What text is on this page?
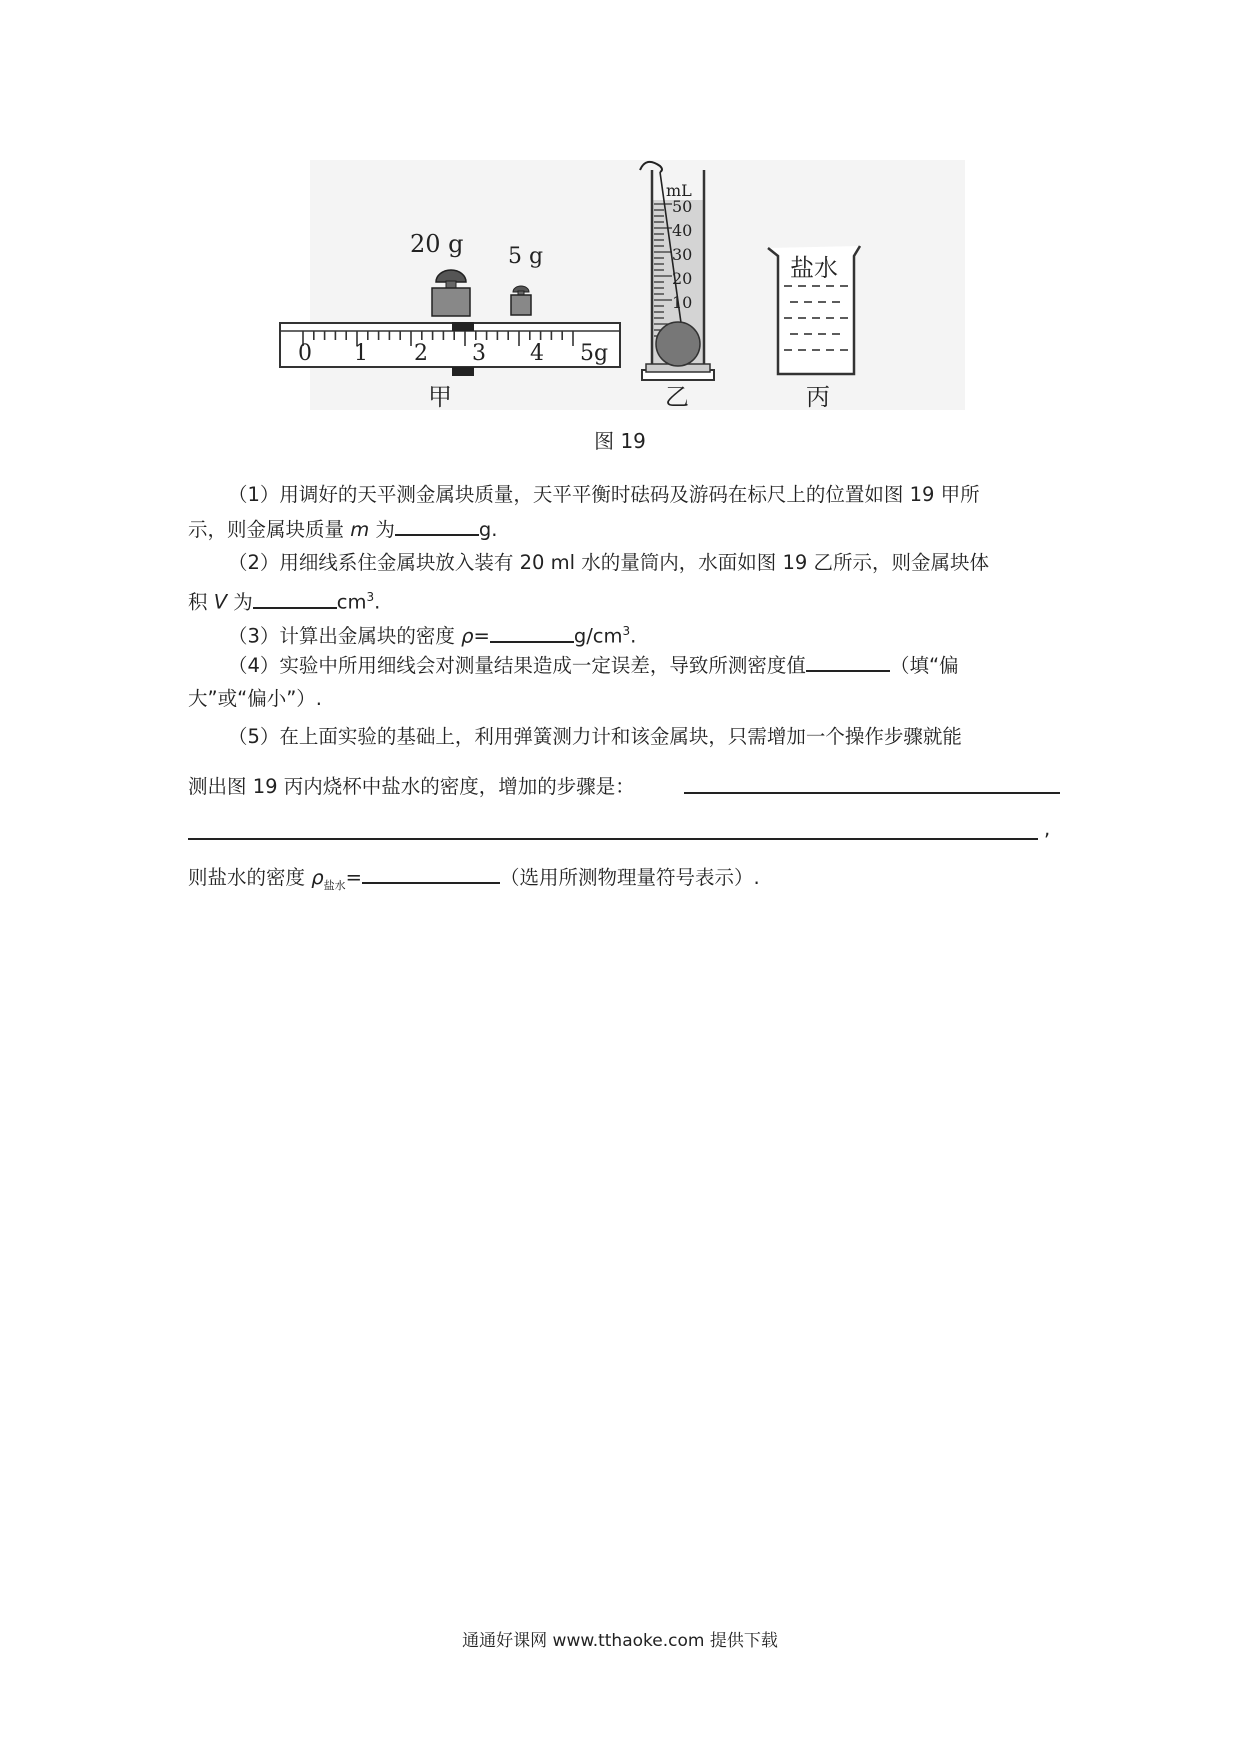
0 1 2 3 4 5g
20 g 5 g
甲
mL
50
40
30
20
10
乙
盐水
丙
图 19
（1）用调好的天平测金属块质量，天平平衡时砝码及游码在标尺上的位置如图 19 甲所
示，则金属块质量 m 为	g.
（2）用细线系住金属块放入装有 20 ml 水的量筒内，水面如图 19 乙所示，则金属块体
积 V 为	$cm^3$.
（3）计算出金属块的密度 ρ=	$g/cm^3$.
（4）实验中所用细线会对测量结果造成一定误差，导致所测密度值	（填“偏
大”或“偏小”）.
（5）在上面实验的基础上，利用弹簧测力计和该金属块，只需增加一个操作步骤就能
测出图 19 丙内烧杯中盐水的密度，增加的步骤是：
,
则盐水的密度 $\rho_{盐水}=$	（选用所测物理量符号表示）.
通通好课网 www.tthaoke.com 提供下载
